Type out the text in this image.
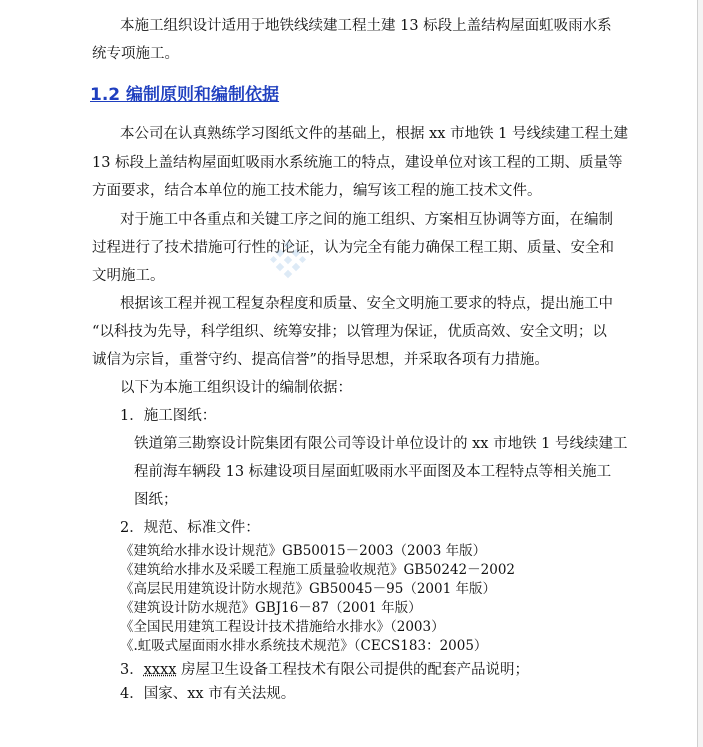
本施工组织设计适用于地铁线续建工程土建 13 标段上盖结构屋面虹吸雨水系
统专项施工。
1.2 编制原则和编制依据
本公司在认真熟练学习图纸文件的基础上，根据 xx 市地铁 1 号线续建工程土建
13 标段上盖结构屋面虹吸雨水系统施工的特点，建设单位对该工程的工期、质量等
方面要求，结合本单位的施工技术能力，编写该工程的施工技术文件。
对于施工中各重点和关键工序之间的施工组织、方案相互协调等方面，在编制
过程进行了技术措施可行性的论证，认为完全有能力确保工程工期、质量、安全和
文明施工。
根据该工程并视工程复杂程度和质量、安全文明施工要求的特点，提出施工中
“以科技为先导，科学组织、统筹安排；以管理为保证，优质高效、安全文明；以
诚信为宗旨，重誉守约、提高信誉”的指导思想，并采取各项有力措施。
以下为本施工组织设计的编制依据：
1．施工图纸：
铁道第三勘察设计院集团有限公司等设计单位设计的 xx 市地铁 1 号线续建工
程前海车辆段 13 标建设项目屋面虹吸雨水平面图及本工程特点等相关施工
图纸；
2．规范、标准文件：
《建筑给水排水设计规范》GB50015－2003（2003 年版）
《建筑给水排水及采暖工程施工质量验收规范》GB50242－2002
《高层民用建筑设计防水规范》GB50045－95（2001 年版）
《建筑设计防水规范》GBJ16－87（2001 年版）
《全国民用建筑工程设计技术措施给水排水》（2003）
《.虹吸式屋面雨水排水系统技术规范》（CECS183：2005）
3．xxxx 房屋卫生设备工程技术有限公司提供的配套产品说明；
4．国家、xx 市有关法规。
